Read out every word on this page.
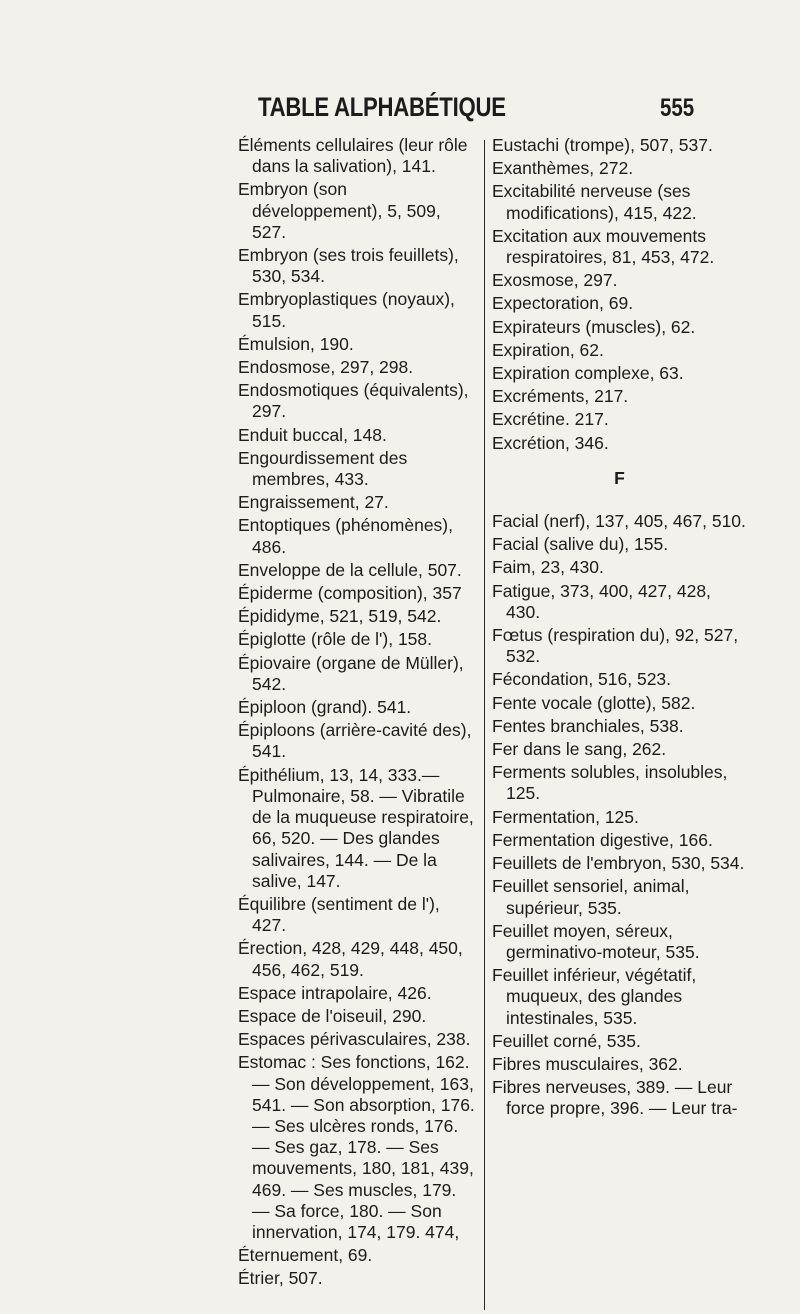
TABLE ALPHABÉTIQUE	555

Éléments cellulaires (leur rôle dans la salivation), 141.

Embryon (son développement), 5, 509, 527.

Embryon (ses trois feuillets), 530, 534.

Embryoplastiques (noyaux), 515.

Émulsion, 190.

Endosmose, 297, 298.

Endosmotiques (équivalents), 297.

Enduit buccal, 148.

Engourdissement des membres, 433.

Engraissement, 27.

Entoptiques (phénomènes), 486.

Enveloppe de la cellule, 507.

Épiderme (composition), 357

Épididyme, 521, 519, 542.

Épiglotte (rôle de l'), 158.

Épiovaire (organe de Müller), 542.

Épiploon (grand). 541.

Épiploons (arrière-cavité des), 541.

Épithélium, 13, 14, 333.— Pulmonaire, 58. — Vibratile de la muqueuse respiratoire, 66, 520. — Des glandes salivaires, 144. — De la salive, 147.

Équilibre (sentiment de l'), 427.

Érection, 428, 429, 448, 450, 456, 462, 519.

Espace intrapolaire, 426.

Espace de l'oiseuil, 290.

Espaces périvasculaires, 238.

Estomac : Ses fonctions, 162. — Son développement, 163, 541. — Son absorption, 176. — Ses ulcères ronds, 176. — Ses gaz, 178. — Ses mouvements, 180, 181, 439, 469. — Ses muscles, 179. — Sa force, 180. — Son innervation, 174, 179. 474,

Éternuement, 69.

Étrier, 507.

Eustachi (trompe), 507, 537.

Exanthèmes, 272.

Excitabilité nerveuse (ses modifications), 415, 422.

Excitation aux mouvements respiratoires, 81, 453, 472.

Exosmose, 297.

Expectoration, 69.

Expirateurs (muscles), 62.

Expiration, 62.

Expiration complexe, 63.

Excréments, 217.

Excrétine. 217.

Excrétion, 346.

F

Facial (nerf), 137, 405, 467, 510.

Facial (salive du), 155.

Faim, 23, 430.

Fatigue, 373, 400, 427, 428, 430.

Fœtus (respiration du), 92, 527, 532.

Fécondation, 516, 523.

Fente vocale (glotte), 582.

Fentes branchiales, 538.

Fer dans le sang, 262.

Ferments solubles, insolubles, 125.

Fermentation, 125.

Fermentation digestive, 166.

Feuillets de l'embryon, 530, 534.

Feuillet sensoriel, animal, supérieur, 535.

Feuillet moyen, séreux, germinativo-moteur, 535.

Feuillet inférieur, végétatif, muqueux, des glandes intestinales, 535.

Feuillet corné, 535.

Fibres musculaires, 362.

Fibres nerveuses, 389. — Leur force propre, 396. — Leur tra-
